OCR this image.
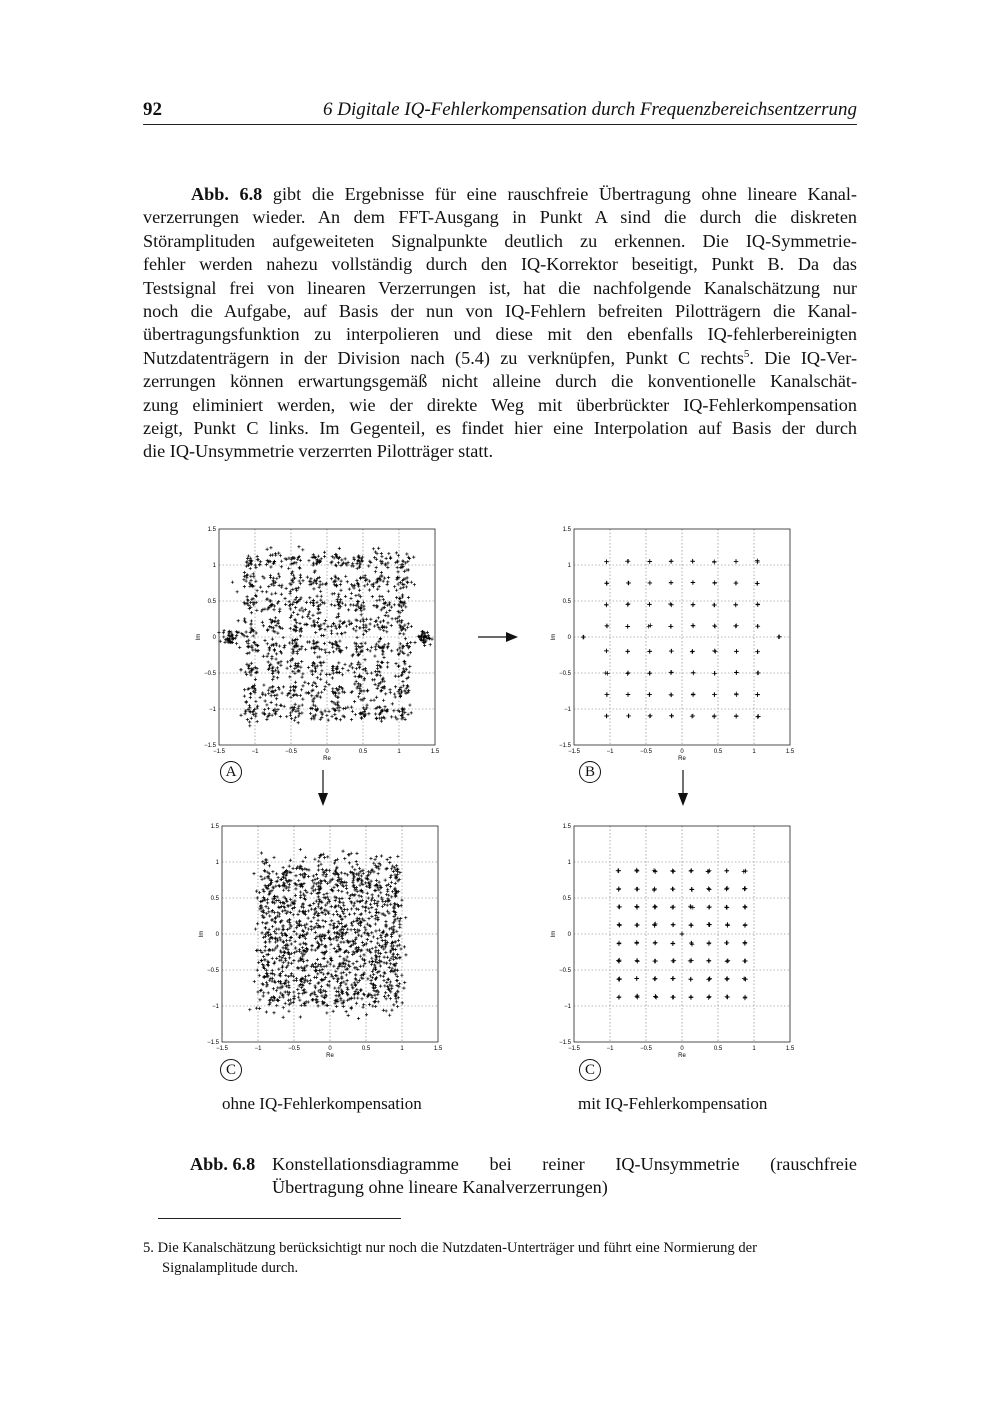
92	6 Digitale IQ-Fehlerkompensation durch Frequenzbereichsentzerrung
Abb. 6.8 gibt die Ergebnisse für eine rauschfreie Übertragung ohne lineare Kanal-
verzerrungen wieder. An dem FFT-Ausgang in Punkt A sind die durch die diskreten
Störamplituden aufgeweiteten Signalpunkte deutlich zu erkennen. Die IQ-Symmetrie-
fehler werden nahezu vollständig durch den IQ-Korrektor beseitigt, Punkt B. Da das
Testsignal frei von linearen Verzerrungen ist, hat die nachfolgende Kanalschätzung nur
noch die Aufgabe, auf Basis der nun von IQ-Fehlern befreiten Pilotträgern die Kanal-
übertragungsfunktion zu interpolieren und diese mit den ebenfalls IQ-fehlerbereinigten
Nutzdatenträgern in der Division nach (5.4) zu verknüpfen, Punkt C rechts$^5$. Die IQ-Ver-
zerrungen können erwartungsgemäß nicht alleine durch die konventionelle Kanalschät-
zung eliminiert werden, wie der direkte Weg mit überbrückter IQ-Fehlerkompensation
zeigt, Punkt C links. Im Gegenteil, es findet hier eine Interpolation auf Basis der durch
die IQ-Unsymmetrie verzerrten Pilotträger statt.
−1.5
−1.5
−1
−1
−0.5
−0.5
0
0
0.5
0.5
1
1
1.5
1.5
Re
Im
−1.5
−1.5
−1
−1
−0.5
−0.5
0
0
0.5
0.5
1
1
1.5
1.5
Re
Im
−1.5
−1.5
−1
−1
−0.5
−0.5
0
0
0.5
0.5
1
1
1.5
1.5
Re
Im
−1.5
−1.5
−1
−1
−0.5
−0.5
0
0
0.5
0.5
1
1
1.5
1.5
Re
Im
A	B
C	C
ohne IQ-Fehlerkompensation	mit IQ-Fehlerkompensation
Abb. 6.8 Konstellationsdiagramme bei reiner IQ-Unsymmetrie (rauschfreie
Übertragung ohne lineare Kanalverzerrungen)
5. Die Kanalschätzung berücksichtigt nur noch die Nutzdaten-Unterträger und führt eine Normierung der
Signalamplitude durch.
